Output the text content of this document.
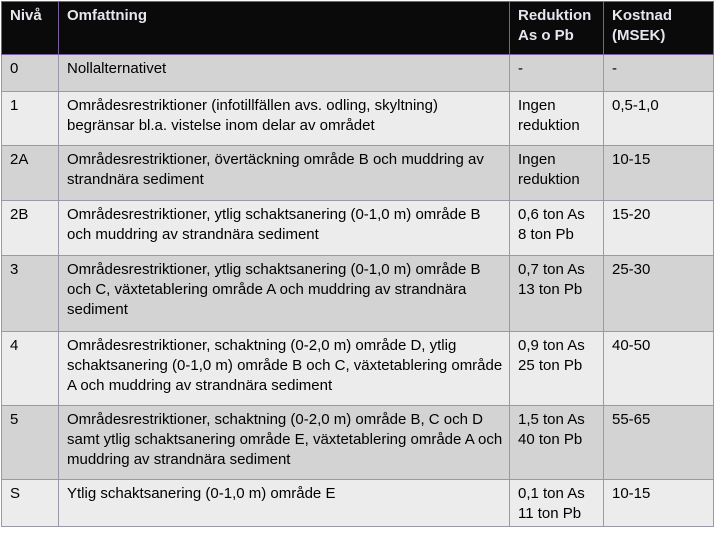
Nivå	Omfattning	Reduktion As o Pb	Kostnad (MSEK)
0	Nollalternativet	-	-
1	Områdesrestriktioner (infotillfällen avs. odling, skyltning) begränsar bl.a. vistelse inom delar av området	Ingen reduktion	0,5-1,0
2A	Områdesrestriktioner, övertäckning område B och muddring av strandnära sediment	Ingen reduktion	10-15
2B	Områdesrestriktioner, ytlig schaktsanering (0-1,0 m) område B och muddring av strandnära sediment	0,6 ton As 8 ton Pb	15-20
3	Områdesrestriktioner, ytlig schaktsanering (0-1,0 m) område B och C, växtetablering område A och muddring av strandnära sediment	0,7 ton As 13 ton Pb	25-30
4	Områdesrestriktioner, schaktning (0-2,0 m) område D, ytlig schaktsanering (0-1,0 m) område B och C, växtetablering område A och muddring av strandnära sediment	0,9 ton As 25 ton Pb	40-50
5	Områdesrestriktioner, schaktning (0-2,0 m) område B, C och D samt ytlig schaktsanering område E, växtetablering område A och muddring av strandnära sediment	1,5 ton As 40 ton Pb	55-65
S	Ytlig schaktsanering (0-1,0 m) område E	0,1 ton As 11 ton Pb	10-15
